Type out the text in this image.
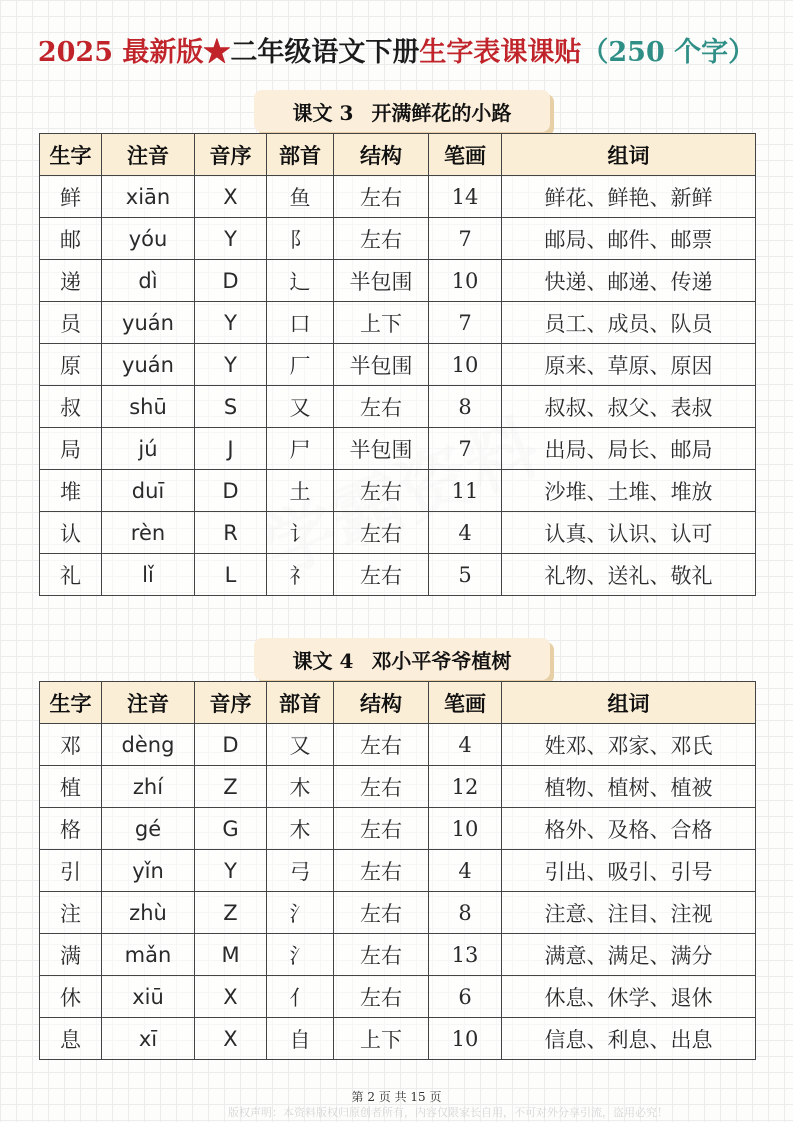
2025 最新版★二年级语文下册生字表课课贴（250 个字）
课文 3 开满鲜花的小路
生字	注音	音序	部首	结构	笔画	组词
鲜	xiān	X	鱼	左右	14	鲜花、鲜艳、新鲜
邮	yóu	Y	阝	左右	7	邮局、邮件、邮票
递	dì	D	辶	半包围	10	快递、邮递、传递
员	yuán	Y	口	上下	7	员工、成员、队员
原	yuán	Y	厂	半包围	10	原来、草原、原因
叔	shū	S	又	左右	8	叔叔、叔父、表叔
局	jú	J	尸	半包围	7	出局、局长、邮局
堆	duī	D	土	左右	11	沙堆、土堆、堆放
认	rèn	R	讠	左右	4	认真、认识、认可
礼	lǐ	L	礻	左右	5	礼物、送礼、敬礼
课文 4 邓小平爷爷植树
生字	注音	音序	部首	结构	笔画	组词
邓	dèng	D	又	左右	4	姓邓、邓家、邓氏
植	zhí	Z	木	左右	12	植物、植树、植被
格	gé	G	木	左右	10	格外、及格、合格
引	yǐn	Y	弓	左右	4	引出、吸引、引号
注	zhù	Z	氵	左右	8	注意、注目、注视
满	mǎn	M	氵	左右	13	满意、满足、满分
休	xiū	X	亻	左右	6	休息、休学、退休
息	xī	X	自	上下	10	信息、利息、出息
第 2 页 共 15 页
版权声明：本资料版权归原创者所有，内容仅限家长自用，不可对外分享引流，盗用必究！
